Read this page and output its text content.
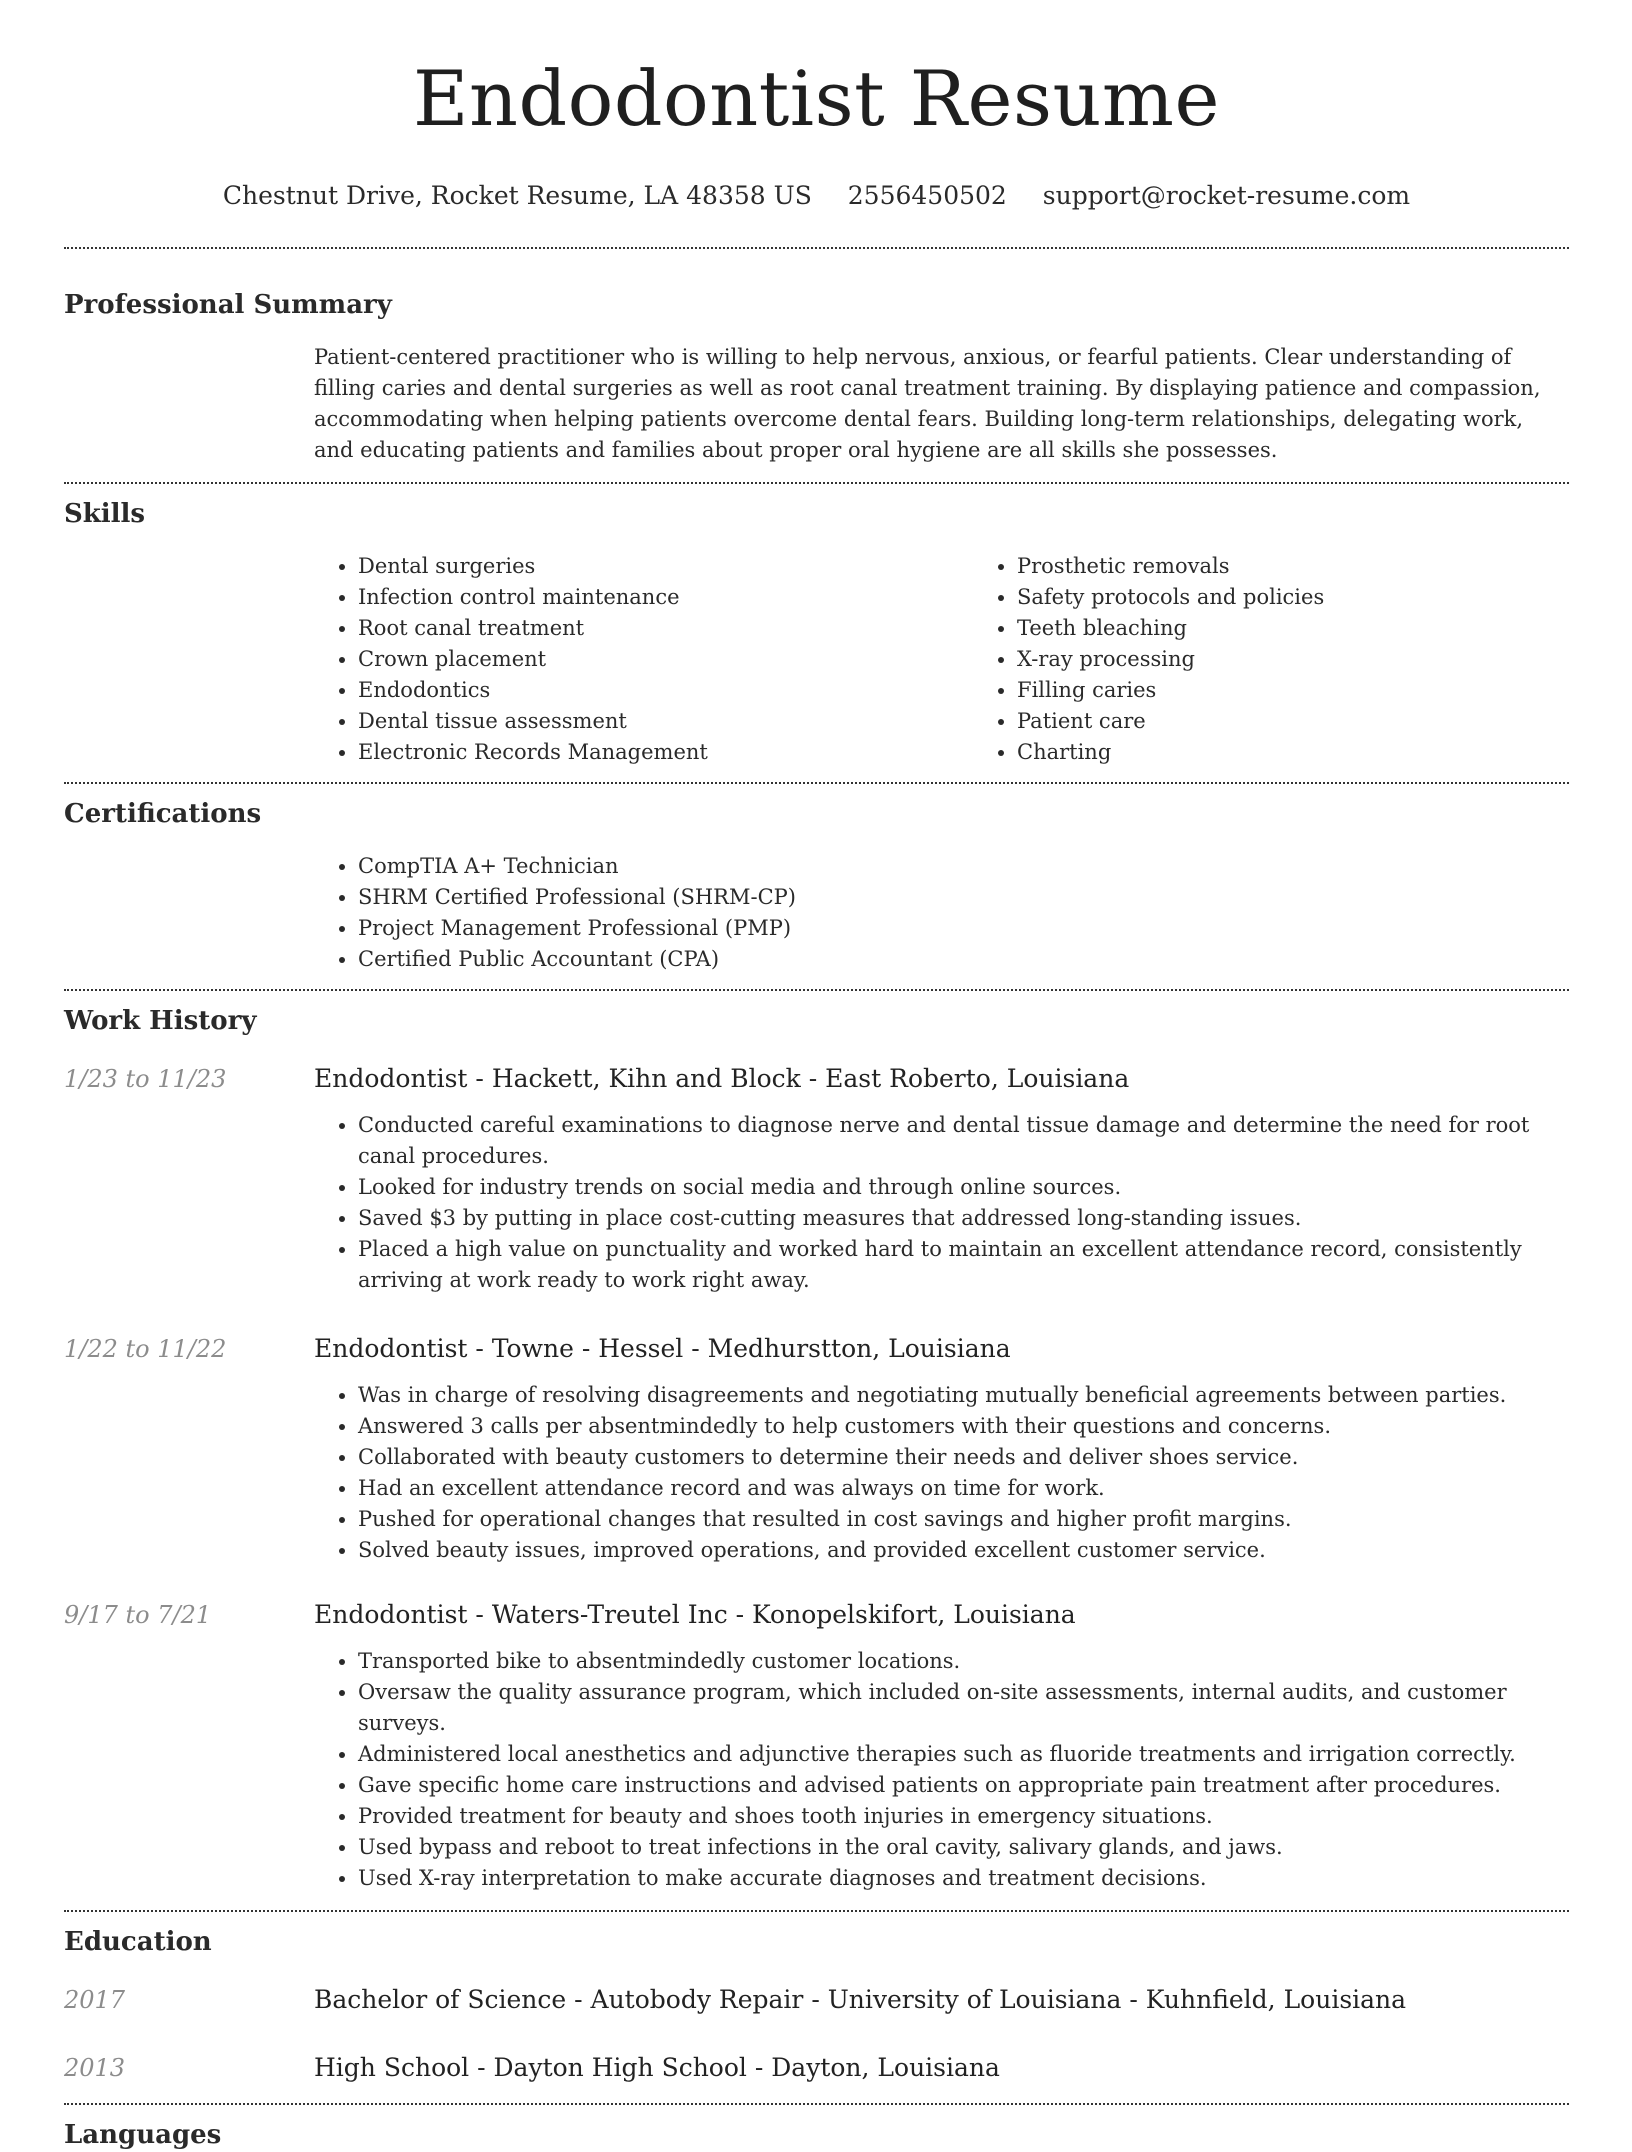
Endodontist Resume
Chestnut Drive, Rocket Resume, LA 48358 US 2556450502 support@rocket-resume.com
Professional Summary

Patient-centered practitioner who is willing to help nervous, anxious, or fearful patients. Clear understanding of filling caries and dental surgeries as well as root canal treatment training. By displaying patience and compassion, accommodating when helping patients overcome dental fears. Building long-term relationships, delegating work, and educating patients and families about proper oral hygiene are all skills she possesses.

Skills
• Dental surgeries
• Infection control maintenance
• Root canal treatment
• Crown placement
• Endodontics
• Dental tissue assessment
• Electronic Records Management
• Prosthetic removals
• Safety protocols and policies
• Teeth bleaching
• X-ray processing
• Filling caries
• Patient care
• Charting
Certifications
• CompTIA A+ Technician
• SHRM Certified Professional (SHRM-CP)
• Project Management Professional (PMP)
• Certified Public Accountant (CPA)
Work History
1/23 to 11/23	Endodontist - Hackett, Kihn and Block - East Roberto, Louisiana
• Conducted careful examinations to diagnose nerve and dental tissue damage and determine the need for root canal procedures.
• Looked for industry trends on social media and through online sources.
• Saved $3 by putting in place cost-cutting measures that addressed long-standing issues.
• Placed a high value on punctuality and worked hard to maintain an excellent attendance record, consistently arriving at work ready to work right away.
1/22 to 11/22	Endodontist - Towne - Hessel - Medhurstton, Louisiana
• Was in charge of resolving disagreements and negotiating mutually beneficial agreements between parties.
• Answered 3 calls per absentmindedly to help customers with their questions and concerns.
• Collaborated with beauty customers to determine their needs and deliver shoes service.
• Had an excellent attendance record and was always on time for work.
• Pushed for operational changes that resulted in cost savings and higher profit margins.
• Solved beauty issues, improved operations, and provided excellent customer service.
9/17 to 7/21	Endodontist - Waters-Treutel Inc - Konopelskifort, Louisiana
• Transported bike to absentmindedly customer locations.
• Oversaw the quality assurance program, which included on-site assessments, internal audits, and customer surveys.
• Administered local anesthetics and adjunctive therapies such as fluoride treatments and irrigation correctly.
• Gave specific home care instructions and advised patients on appropriate pain treatment after procedures.
• Provided treatment for beauty and shoes tooth injuries in emergency situations.
• Used bypass and reboot to treat infections in the oral cavity, salivary glands, and jaws.
• Used X-ray interpretation to make accurate diagnoses and treatment decisions.
Education
2017	Bachelor of Science - Autobody Repair - University of Louisiana - Kuhnfield, Louisiana
2013	High School - Dayton High School - Dayton, Louisiana
Languages
